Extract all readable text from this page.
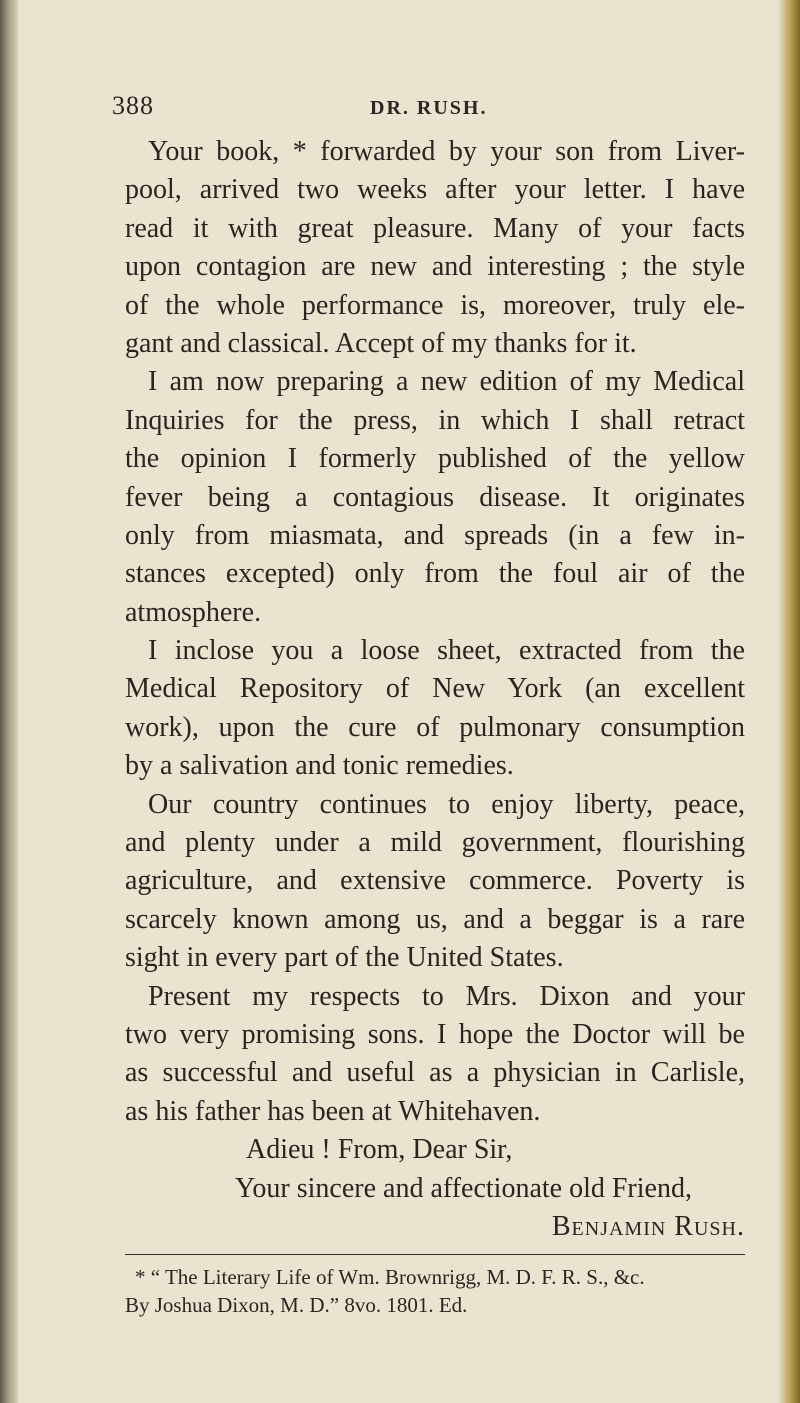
388	DR. RUSH.
Your book, * forwarded by your son from Liver-
pool, arrived two weeks after your letter. I have
read it with great pleasure. Many of your facts
upon contagion are new and interesting ; the style
of the whole performance is, moreover, truly ele-
gant and classical. Accept of my thanks for it.
I am now preparing a new edition of my Medical
Inquiries for the press, in which I shall retract
the opinion I formerly published of the yellow
fever being a contagious disease. It originates
only from miasmata, and spreads (in a few in-
stances excepted) only from the foul air of the
atmosphere.
I inclose you a loose sheet, extracted from the
Medical Repository of New York (an excellent
work), upon the cure of pulmonary consumption
by a salivation and tonic remedies.
Our country continues to enjoy liberty, peace,
and plenty under a mild government, flourishing
agriculture, and extensive commerce. Poverty is
scarcely known among us, and a beggar is a rare
sight in every part of the United States.
Present my respects to Mrs. Dixon and your
two very promising sons. I hope the Doctor will be
as successful and useful as a physician in Carlisle,
as his father has been at Whitehaven.
Adieu ! From, Dear Sir,
Your sincere and affectionate old Friend,
Benjamin Rush.
* “ The Literary Life of Wm. Brownrigg, M. D. F. R. S., &c.
By Joshua Dixon, M. D.” 8vo. 1801. Ed.
